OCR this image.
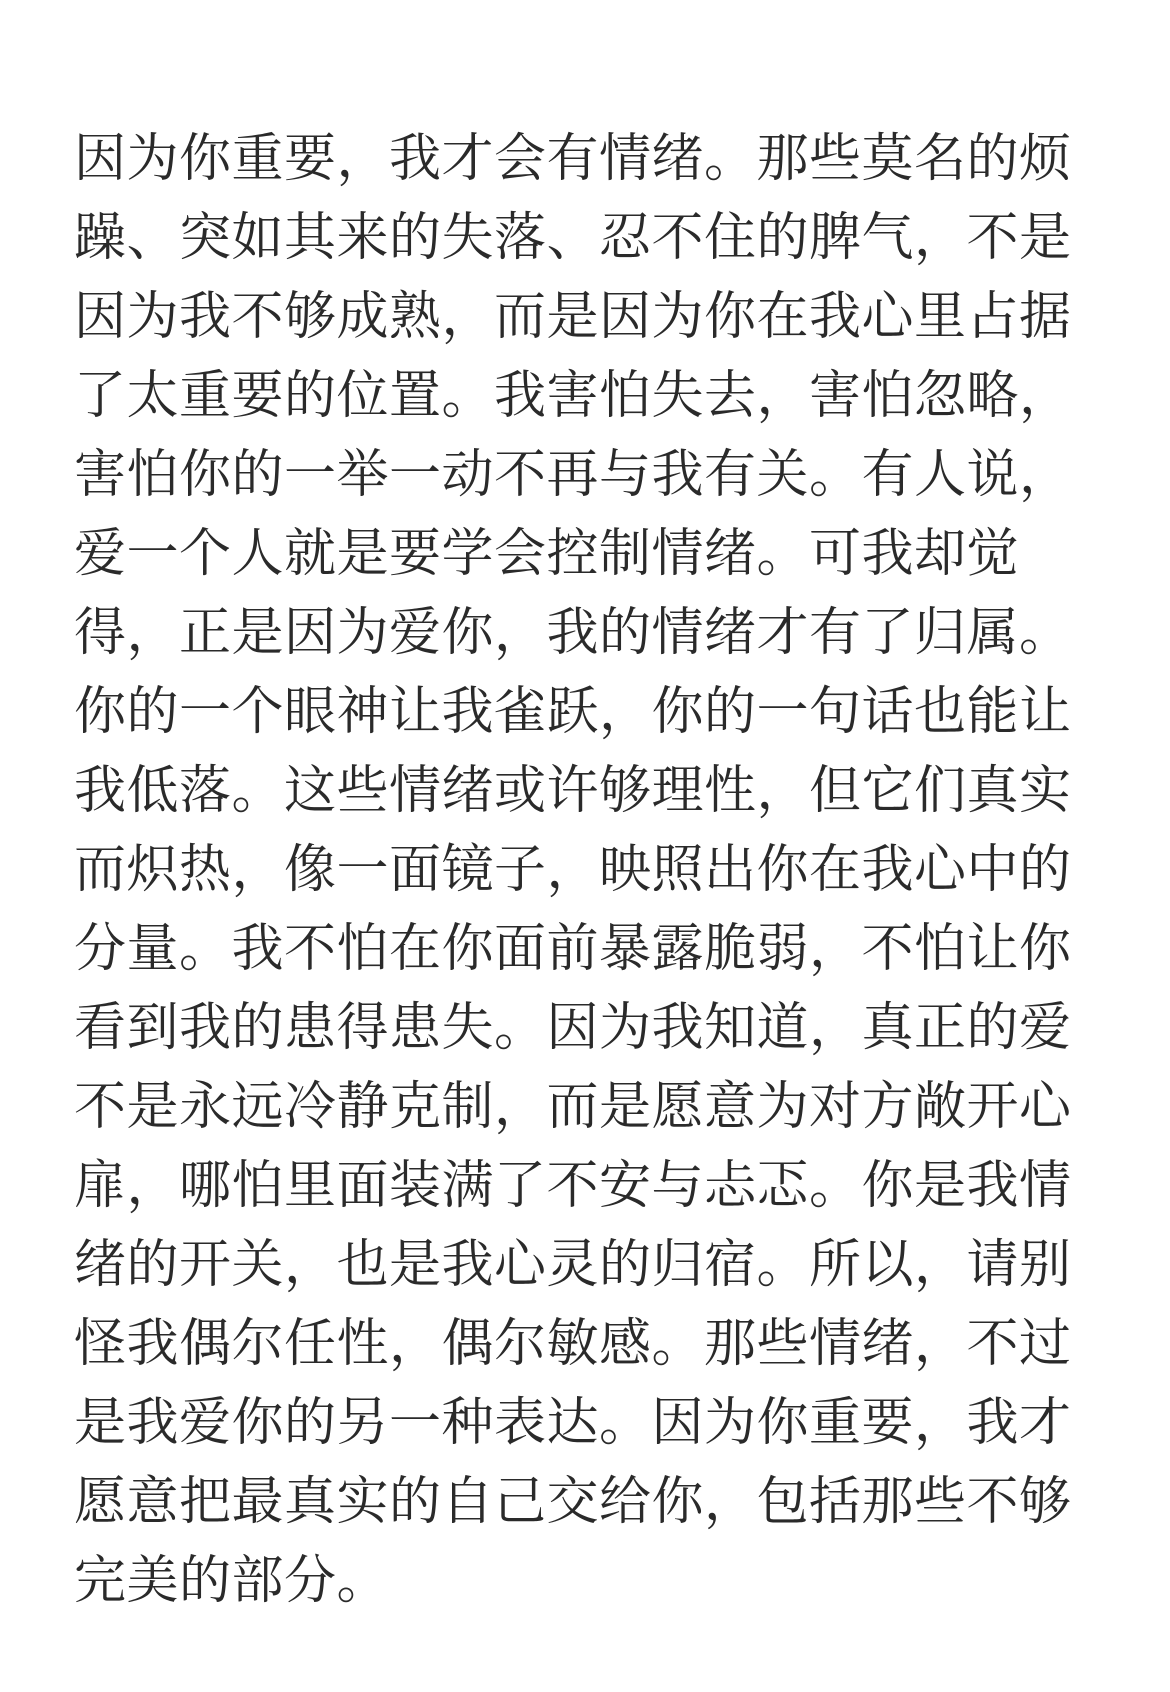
因为你重要，我才会有情绪。那些莫名的烦
躁、突如其来的失落、忍不住的脾气，不是
因为我不够成熟，而是因为你在我心里占据
了太重要的位置。我害怕失去，害怕忽略，
害怕你的一举一动不再与我有关。有人说，
爱一个人就是要学会控制情绪。可我却觉
得，正是因为爱你，我的情绪才有了归属。
你的一个眼神让我雀跃，你的一句话也能让
我低落。这些情绪或许够理性，但它们真实
而炽热，像一面镜子，映照出你在我心中的
分量。我不怕在你面前暴露脆弱，不怕让你
看到我的患得患失。因为我知道，真正的爱
不是永远冷静克制，而是愿意为对方敞开心
扉，哪怕里面装满了不安与忐忑。你是我情
绪的开关，也是我心灵的归宿。所以，请别
怪我偶尔任性，偶尔敏感。那些情绪，不过
是我爱你的另一种表达。因为你重要，我才
愿意把最真实的自己交给你，包括那些不够
完美的部分。
